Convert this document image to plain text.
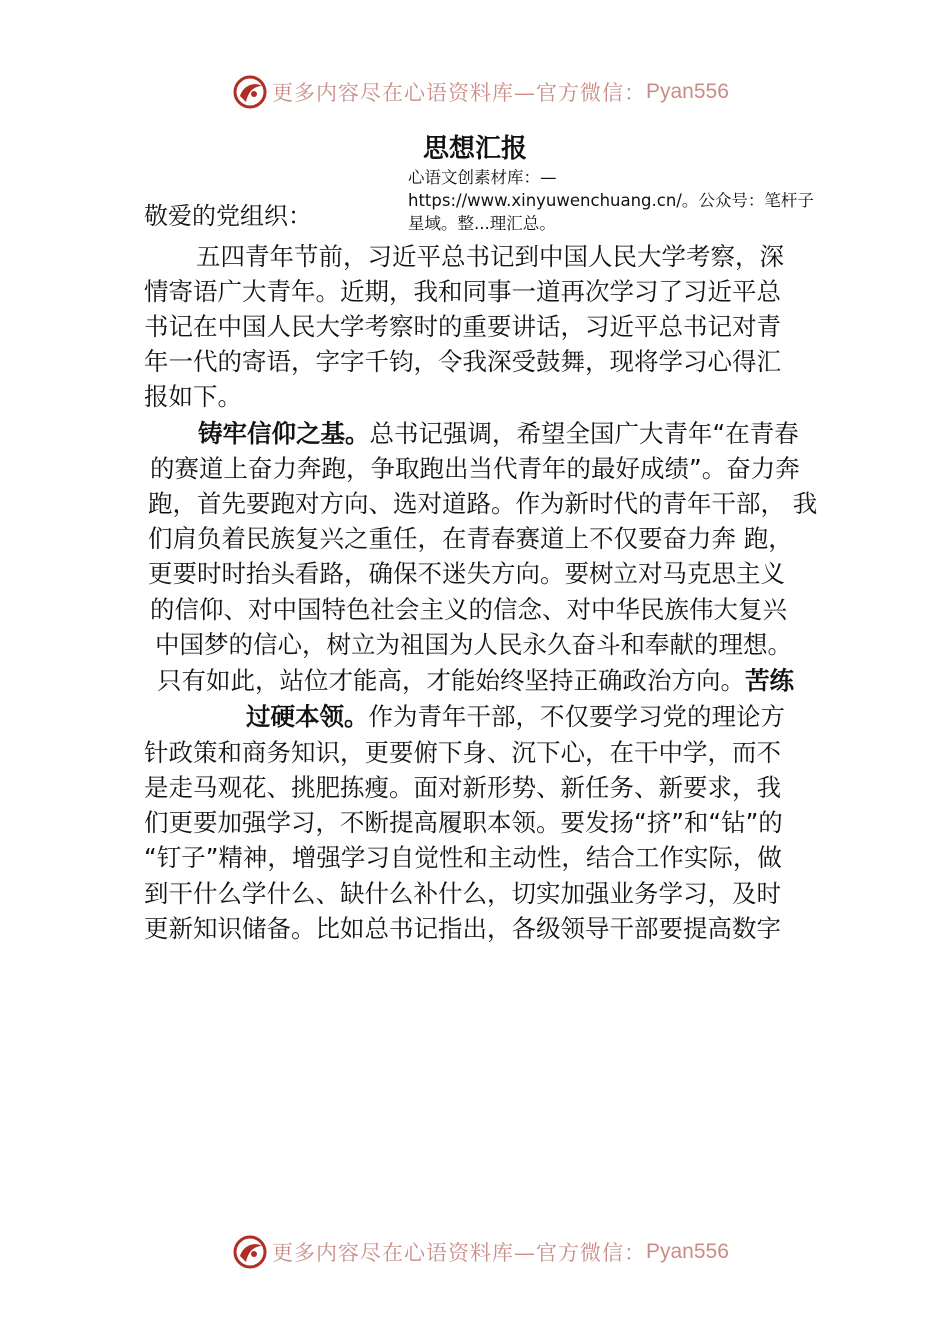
更多内容尽在心语资料库—官方微信： Pyan556
思想汇报
心语文创素材库：—https://www.xinyuwenchuang.cn/。公众号：笔杆子星域。整...理汇总。
敬爱的党组织：
五四青年节前，习近平总书记到中国人民大学考察，深
情寄语广大青年。近期，我和同事一道再次学习了习近平总
书记在中国人民大学考察时的重要讲话，习近平总书记对青
年一代的寄语，字字千钧，令我深受鼓舞，现将学习心得汇
报如下。
铸牢信仰之基。总书记强调，希望全国广大青年“在青春
的赛道上奋力奔跑，争取跑出当代青年的最好成绩”。奋力奔
跑，首先要跑对方向、选对道路。作为新时代的青年干部， 我
们肩负着民族复兴之重任，在青春赛道上不仅要奋力奔 跑，
更要时时抬头看路，确保不迷失方向。要树立对马克思主义
的信仰、对中国特色社会主义的信念、对中华民族伟大复兴
中国梦的信心，树立为祖国为人民永久奋斗和奉献的理想。
只有如此，站位才能高，才能始终坚持正确政治方向。苦练
过硬本领。作为青年干部，不仅要学习党的理论方
针政策和商务知识，更要俯下身、沉下心，在干中学，而不
是走马观花、挑肥拣瘦。面对新形势、新任务、新要求，我
们更要加强学习，不断提高履职本领。要发扬“挤”和“钻”的
“钉子”精神，增强学习自觉性和主动性，结合工作实际，做
到干什么学什么、缺什么补什么，切实加强业务学习，及时
更新知识储备。比如总书记指出，各级领导干部要提高数字
更多内容尽在心语资料库—官方微信： Pyan556
